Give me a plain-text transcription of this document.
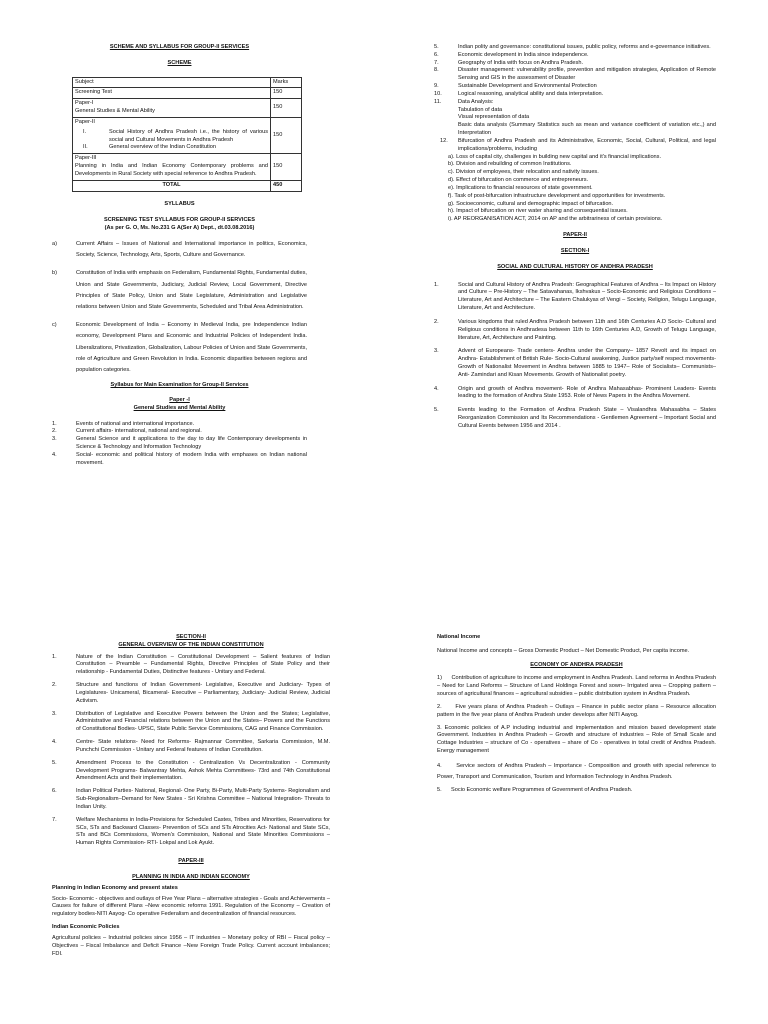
SCHEME AND SYLLABUS FOR GROUP-II SERVICES

SCHEME

Subject	Marks
Screening Test	150

Paper-I
General Studies & Mental Ability	150

Paper-II
I. Social History of Andhra Pradesh i.e., the history of various social and Cultural Movements in Andhra Pradesh
II. General overview of the Indian Constitution	150

Paper-III
Planning in India and Indian Economy Contemporary problems and Developments in Rural Society with special reference to Andhra Pradesh.	150
TOTAL	450

SYLLABUS

SCREENING TEST SYLLABUS FOR GROUP-II SERVICES

(As per G. O, Ms. No.231 G A(Ser A) Dept., dt.03.08.2016)

a)	Current Affairs – Issues of National and International importance in politics, Economics, Society, Science, Technology, Arts, Sports, Culture and Governance.
b)	Constitution of India with emphasis on Federalism, Fundamental Rights, Fundamental duties, Union and State Governments, Judiciary, Judicial Review, Local Government, Directive Principles of State Policy, Union and State Legislature, Administration and Legislative relations between Union and State Governments, Scheduled and Tribal Area Administration.
c)	Economic Development of India – Economy in Medieval India, pre Independence Indian economy, Development Plans and Economic and Industrial Policies of Independent India. Liberalizations, Privatization, Globalization, Labour Policies of Union and State Governments, role of Agriculture and Green Revolution in India. Economic disparities between regions and population categories.

Syllabus for Main Examination for Group-II Services

Paper -I

General Studies and Mental Ability

1.	Events of national and international importance.
2.	Current affairs- international, national and regional.
3.	General Science and it applications to the day to day life Contemporary developments in Science & Technology and Information Technology
4.	Social- economic and political history of modern India with emphases on Indian national movement.
5.	Indian polity and governance: constitutional issues, public policy, reforms and e-governance initiatives.
6.	Economic development in India since independence.
7.	Geography of India with focus on Andhra Pradesh.
8.	Disaster management: vulnerability profile, prevention and mitigation strategies, Application of Remote Sensing and GIS in the assessment of Disaster
9.	Sustainable Development and Environmental Protection
10.	Logical reasoning, analytical ability and data interpretation.
11.	Data Analysis:
Tabulation of data
Visual representation of data
Basic data analysis (Summary Statistics such as mean and variance coefficient of variation etc.,) and Interpretation
12.	Bifurcation of Andhra Pradesh and its Administrative, Economic, Social, Cultural, Political, and legal implications/problems, including
a). Loss of capital city, challenges in building new capital and it's financial implications.
b). Division and rebuilding of common Institutions.
c). Division of employees, their relocation and nativity issues.
d). Effect of bifurcation on commerce and entrepreneurs.
e). Implications to financial resources of state government.
f). Task of post-bifurcation infrastructure development and opportunities for investments.
g). Socioeconomic, cultural and demographic impact of bifurcation.
h). Impact of bifurcation on river water sharing and consequential issues.
i). AP REORGANISATION ACT, 2014 on AP and the arbitrariness of certain provisions.

PAPER-II

SECTION-I

SOCIAL AND CULTURAL HISTORY OF ANDHRA PRADESH

1.	Social and Cultural History of Andhra Pradesh: Geographical Features of Andhra – Its Impact on History and Culture – Pre-History – The Satavahanas, Ikshvakus – Socio-Economic and Religious Conditions – Literature, Art and Architecture – The Eastern Chalukyas of Vengi – Society, Religion, Telugu Language, Literature, Art and Architecture.
2.	Various kingdoms that ruled Andhra Pradesh between 11th and 16th Centuries A.D Socio- Cultural and Religious conditions in Andhradesa between 11th to 16th Centuries A.D, Growth of Telugu Language, literature, Art, Architecture and Painting.
3.	Advent of Europeans- Trade centers- Andhra under the Company– 1857 Revolt and its impact on Andhra- Establishment of British Rule- Socio-Cultural awakening, Justice party/self respect movements- Growth of Nationalist Movement in Andhra between 1885 to 1947– Role of Socialists– Communists– Anti- Zamindari and Kisan Movements. Growth of Nationalist poetry.
4.	Origin and growth of Andhra movement- Role of Andhra Mahasabhas- Prominent Leaders- Events leading to the formation of Andhra State 1953. Role of News Papers in the Andhra Movement.
5.	Events leading to the Formation of Andhra Pradesh State – Visalandhra Mahasabha – States Reorganization Commission and Its Recommendations - Gentlemen Agreement – Important Social and Cultural Events between 1956 and 2014 .

SECTION-II

GENERAL OVERVIEW OF THE INDIAN CONSTITUTION

1.	Nature of the Indian Constitution – Constitutional Development – Salient features of Indian Constitution – Preamble – Fundamental Rights, Directive Principles of State Policy and their relationship - Fundamental Duties, Distinctive features - Unitary and Federal.
2.	Structure and functions of Indian Government- Legislative, Executive and Judiciary- Types of Legislatures- Unicameral, Bicameral- Executive – Parliamentary, Judiciary- Judicial Review, Judicial Activism.
3.	Distribution of Legislative and Executive Powers between the Union and the States; Legislative, Administrative and Financial relations between the Union and the States– Powers and the Functions of Constitutional Bodies- UPSC, State Public Service Commissions, CAG and Finance Commission.
4.	Centre- State relations- Need for Reforms- Rajmannar Committee, Sarkaria Commission, M.M. Punchchi Commission - Unitary and Federal features of Indian Constitution.
5.	Amendment Process to the Constitution - Centralization Vs Decentralization - Community Development Programs- Balwantray Mehta, Ashok Mehta Committees- 73rd and 74th Constitutional Amendment Acts and their implementation.
6.	Indian Political Parties- National, Regional- One Party, Bi-Party, Multi-Party Systems- Regionalism and Sub-Regionalism–Demand for New States - Sri Krishna Committee – National Integration- Threats to Indian Unity.
7.	Welfare Mechanisms in India-Provisions for Scheduled Castes, Tribes and Minorities, Reservations for SCs, STs and Backward Classes- Prevention of SCs and STs Atrocities Act- National and State SCs, STs and BCs Commissions, Women's Commission, National and State Minorities Commissions – Human Rights Commission- RTI- Lokpal and Lok Ayukt.

PAPER-III

PLANNING IN INDIA AND INDIAN ECONOMY

Planning in Indian Economy and present states

Socio- Economic - objectives and outlays of Five Year Plans – alternative strategies - Goals and Achievements – Causes for failure of different Plans –New economic reforms 1991. Regulation of the Economy – Creation of regulatory bodies-NITI Aayog- Co operative Federalism and decentralization of financial resources.

Indian Economic Policies

Agricultural policies – Industrial policies since 1956 – IT industries – Monetary policy of RBI – Fiscal policy – Objectives – Fiscal Imbalance and Deficit Finance –New Foreign Trade Policy. Current account imbalances; FDI.

National Income

National Income and concepts – Gross Domestic Product – Net Domestic Product, Per capita income.

ECONOMY OF ANDHRA PRADESH

1)      Contribution of agriculture to income and employment in Andhra Pradesh. Land reforms in Andhra Pradesh – Need for Land Reforms – Structure of Land Holdings Forest and sown– Irrigated area – Cropping pattern – sources of agricultural finances – agricultural subsidies – public distribution system in Andhra Pradesh.

2.      Five years plans of Andhra Pradesh – Outlays – Finance in public sector plans – Resource allocation pattern in the five year plans of Andhra Pradesh under develops after NITI Aayog.

3. Economic policies of A.P including industrial and implementation and mission based development state Government. Industries in Andhra Pradesh – Growth and structure of industries – Role of Small Scale and Cottage Industries – structure of Co - operatives – share of Co - operatives in total credit of Andhra Pradesh. Energy management

4.      Service sectors of Andhra Pradesh – Importance - Composition and growth with special reference to Power, Transport and Communication, Tourism and Information Technology in Andhra Pradesh.

5.      Socio Economic welfare Programmes of Government of Andhra Pradesh.
